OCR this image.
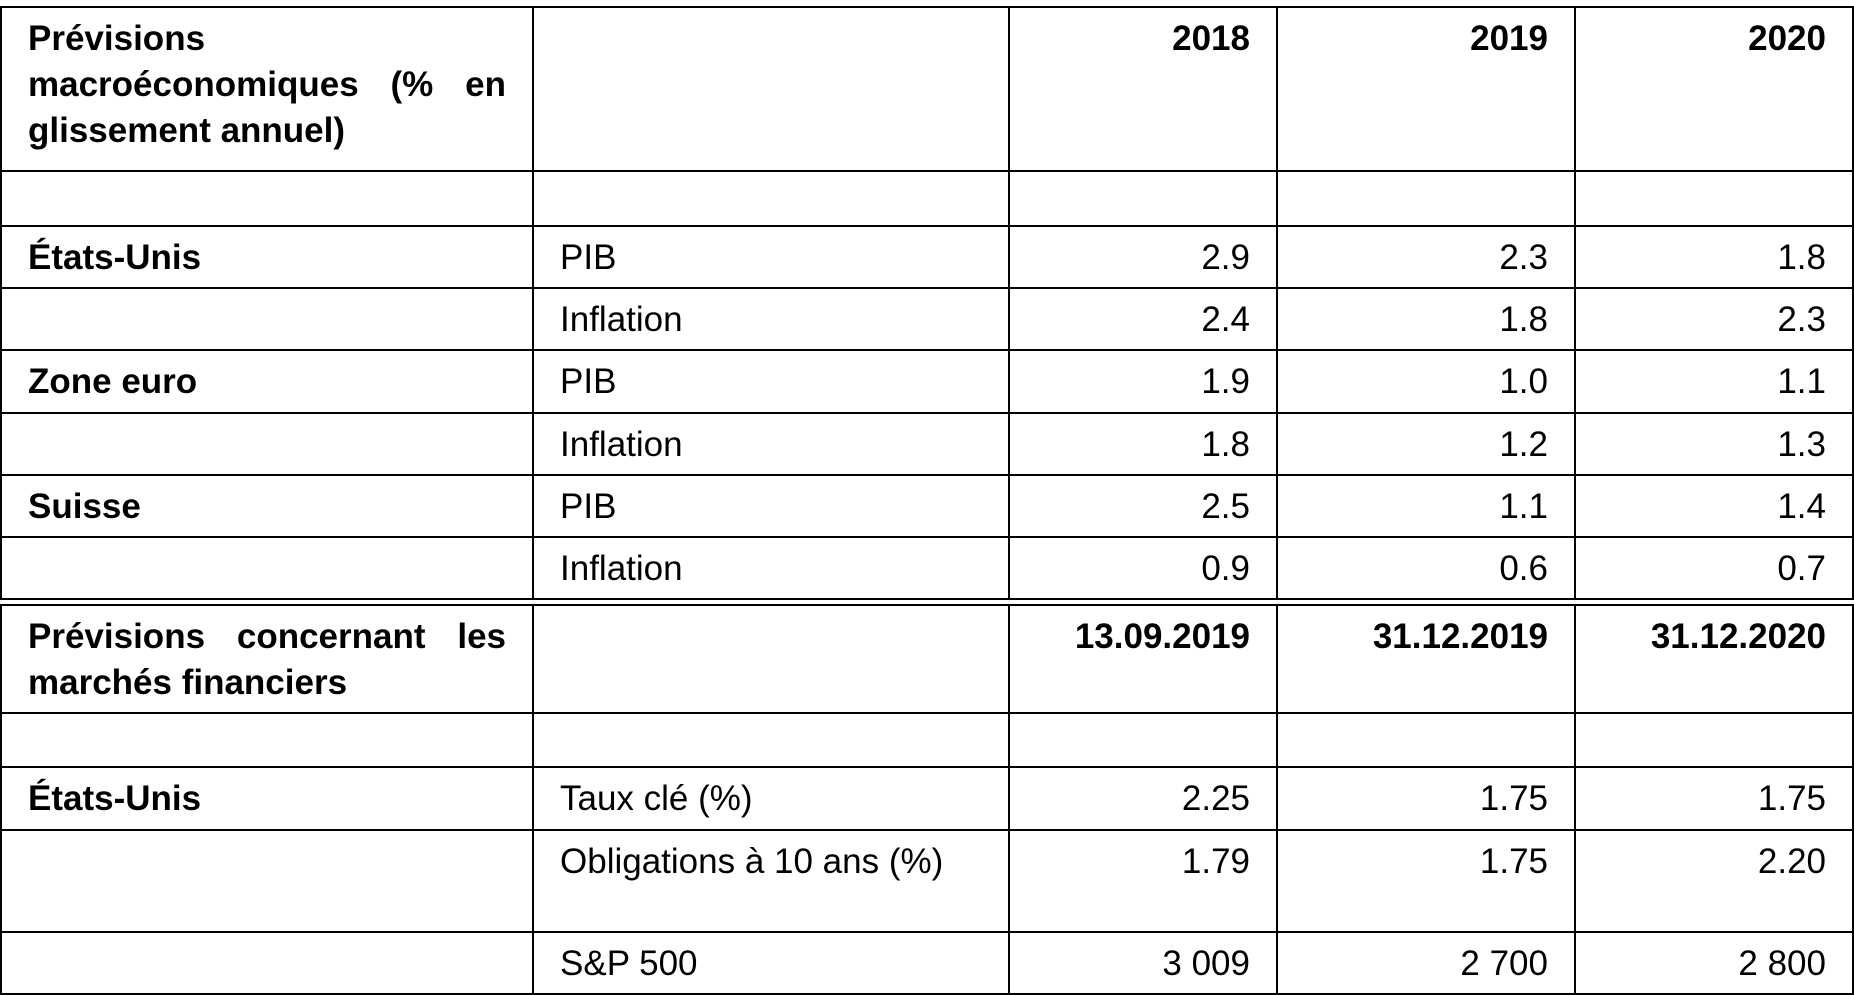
Prévisions macroéconomiques (% en glissement annuel)		2018	2019	2020

États-Unis	PIB	2.9	2.3	1.8
	Inflation	2.4	1.8	2.3
Zone euro	PIB	1.9	1.0	1.1
	Inflation	1.8	1.2	1.3
Suisse	PIB	2.5	1.1	1.4
	Inflation	0.9	0.6	0.7
Prévisions concernant les marchés financiers		13.09.2019	31.12.2019	31.12.2020

États-Unis	Taux clé (%)	2.25	1.75	1.75
	Obligations à 10 ans (%)	1.79	1.75	2.20
	S&P 500	3 009	2 700	2 800
